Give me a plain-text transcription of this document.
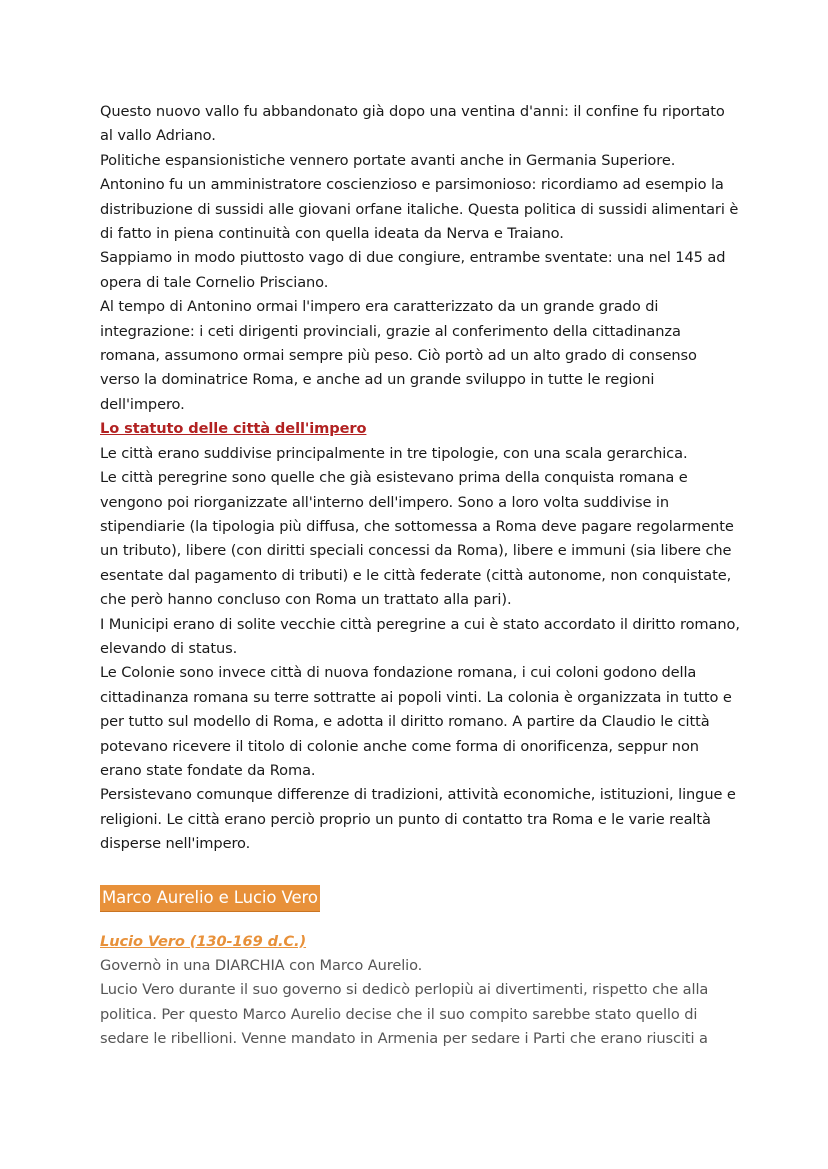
Questo nuovo vallo fu abbandonato già dopo una ventina d'anni: il confine fu riportato al vallo Adriano.

Politiche espansionistiche vennero portate avanti anche in Germania Superiore.

Antonino fu un amministratore coscienzioso e parsimonioso: ricordiamo ad esempio la distribuzione di sussidi alle giovani orfane italiche. Questa politica di sussidi alimentari è di fatto in piena continuità con quella ideata da Nerva e Traiano.

Sappiamo in modo piuttosto vago di due congiure, entrambe sventate: una nel 145 ad opera di tale Cornelio Prisciano.

Al tempo di Antonino ormai l'impero era caratterizzato da un grande grado di integrazione: i ceti dirigenti provinciali, grazie al conferimento della cittadinanza romana, assumono ormai sempre più peso. Ciò portò ad un alto grado di consenso verso la dominatrice Roma, e anche ad un grande sviluppo in tutte le regioni dell'impero.

Lo statuto delle città dell'impero

Le città erano suddivise principalmente in tre tipologie, con una scala gerarchica.

Le città peregrine sono quelle che già esistevano prima della conquista romana e vengono poi riorganizzate all'interno dell'impero. Sono a loro volta suddivise in stipendiarie (la tipologia più diffusa, che sottomessa a Roma deve pagare regolarmente un tributo), libere (con diritti speciali concessi da Roma), libere e immuni (sia libere che esentate dal pagamento di tributi) e le città federate (città autonome, non conquistate, che però hanno concluso con Roma un trattato alla pari).

I Municipi erano di solite vecchie città peregrine a cui è stato accordato il diritto romano, elevando di status.

Le Colonie sono invece città di nuova fondazione romana, i cui coloni godono della cittadinanza romana su terre sottratte ai popoli vinti. La colonia è organizzata in tutto e per tutto sul modello di Roma, e adotta il diritto romano. A partire da Claudio le città potevano ricevere il titolo di colonie anche come forma di onorificenza, seppur non erano state fondate da Roma.

Persistevano comunque differenze di tradizioni, attività economiche, istituzioni, lingue e religioni. Le città erano perciò proprio un punto di contatto tra Roma e le varie realtà disperse nell'impero.

Marco Aurelio e Lucio Vero

Lucio Vero (130-169 d.C.)

Governò in una DIARCHIA con Marco Aurelio.

Lucio Vero durante il suo governo si dedicò perlopiù ai divertimenti, rispetto che alla politica. Per questo Marco Aurelio decise che il suo compito sarebbe stato quello di sedare le ribellioni. Venne mandato in Armenia per sedare i Parti che erano riusciti a
